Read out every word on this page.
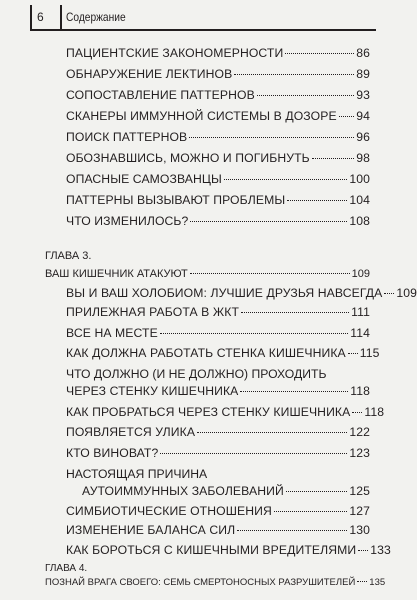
6 Содержание
ПАЦИЕНТСКИЕ ЗАКОНОМЕРНОСТИ	86
ОБНАРУЖЕНИЕ ЛЕКТИНОВ	89
СОПОСТАВЛЕНИЕ ПАТТЕРНОВ	93
СКАНЕРЫ ИММУННОЙ СИСТЕМЫ В ДОЗОРЕ 94
ПОИСК ПАТТЕРНОВ	96
ОБОЗНАВШИСЬ, МОЖНО И ПОГИБНУТЬ	98
ОПАСНЫЕ САМОЗВАНЦЫ	100
ПАТТЕРНЫ ВЫЗЫВАЮТ ПРОБЛЕМЫ	104
ЧТО ИЗМЕНИЛОСЬ?	108
ГЛАВА 3.
ВАШ КИШЕЧНИК АТАКУЮТ	109
ВЫ И ВАШ ХОЛОБИОМ: ЛУЧШИЕ ДРУЗЬЯ НАВСЕГДА 109
ПРИЛЕЖНАЯ РАБОТА В ЖКТ	111
ВСЕ НА МЕСТЕ	114
КАК ДОЛЖНА РАБОТАТЬ СТЕНКА КИШЕЧНИКА 115
ЧТО ДОЛЖНО (И НЕ ДОЛЖНО) ПРОХОДИТЬ
ЧЕРЕЗ СТЕНКУ КИШЕЧНИКА	118
КАК ПРОБРАТЬСЯ ЧЕРЕЗ СТЕНКУ КИШЕЧНИКА 118
ПОЯВЛЯЕТСЯ УЛИКА	122
КТО ВИНОВАТ?	123
НАСТОЯЩАЯ ПРИЧИНА
АУТОИММУННЫХ ЗАБОЛЕВАНИЙ	125
СИМБИОТИЧЕСКИЕ ОТНОШЕНИЯ	127
ИЗМЕНЕНИЕ БАЛАНСА СИЛ	130
КАК БОРОТЬСЯ С КИШЕЧНЫМИ ВРЕДИТЕЛЯМИ 133
ГЛАВА 4.
ПОЗНАЙ ВРАГА СВОЕГО: СЕМЬ СМЕРТОНОСНЫХ РАЗРУШИТЕЛЕЙ 135
